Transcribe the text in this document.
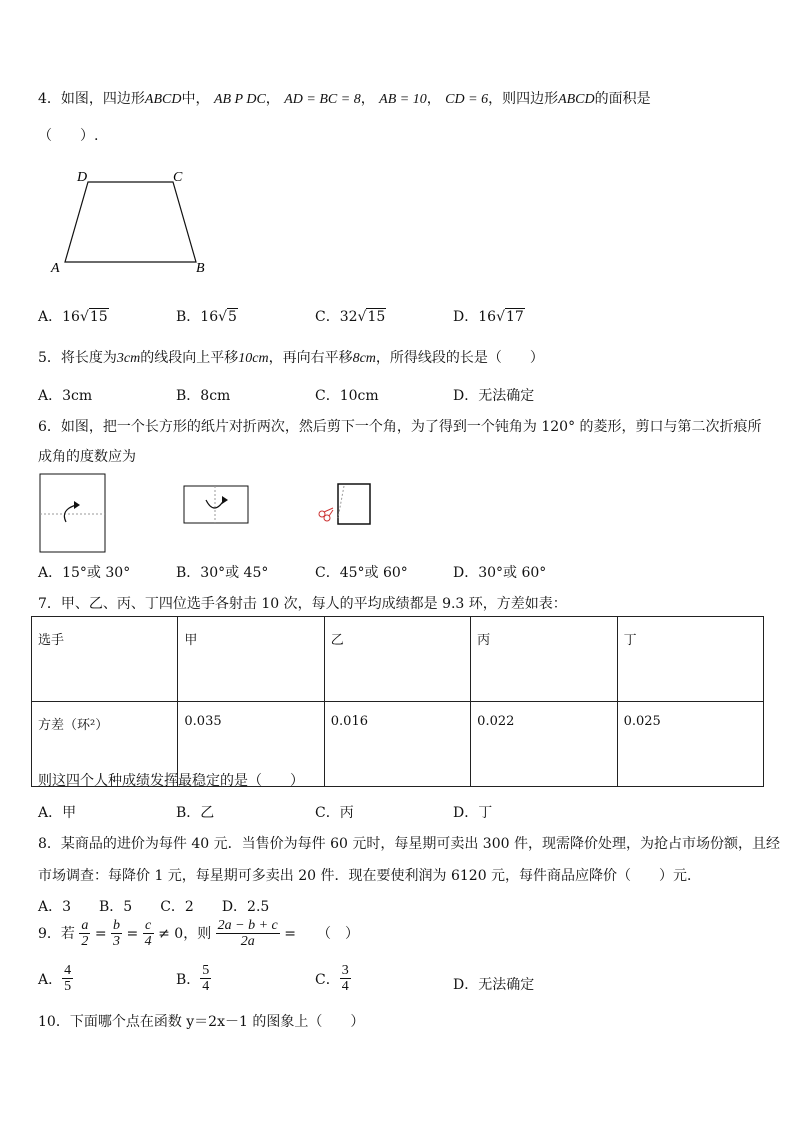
4．如图，四边形ABCD中， AB P DC， AD = BC = 8， AB = 10， CD = 6，则四边形ABCD的面积是
（　　）.
D	C
A	B
A．16√15	B．16√5	C．32√15	D．16√17
5．将长度为3cm的线段向上平移10cm，再向右平移8cm，所得线段的长是（　　）
A．3cm	B．8cm	C．10cm	D．无法确定
6．如图，把一个长方形的纸片对折两次，然后剪下一个角，为了得到一个钝角为 120° 的菱形，剪口与第二次折痕所
成角的度数应为
A．15°或 30°	B．30°或 45°	C．45°或 60°	D．30°或 60°
7．甲、乙、丙、丁四位选手各射击 10 次，每人的平均成绩都是 9.3 环，方差如表：
选手	甲	乙	丙	丁
方差（环²）	0.035	0.016	0.022	0.025
则这四个人种成绩发挥最稳定的是（　　）
A．甲	B．乙	C．丙	D．丁
8．某商品的进价为每件 40 元．当售价为每件 60 元时，每星期可卖出 300 件，现需降价处理，为抢占市场份额，且经
市场调查：每降价 1 元，每星期可多卖出 20 件．现在要使利润为 6120 元，每件商品应降价（　　）元．
A．3　　B．5　　C．2　　D．2.5
9．若 $\frac{a}{2} = \frac{b}{3} = \frac{c}{4} \ne 0$，则 $\frac{2a - b + c}{2a}$ =　　（　）
A． $\frac{4}{5}$	B． $\frac{5}{4}$	C． $\frac{3}{4}$	D．无法确定
10．下面哪个点在函数 y＝2x－1 的图象上（　　）
